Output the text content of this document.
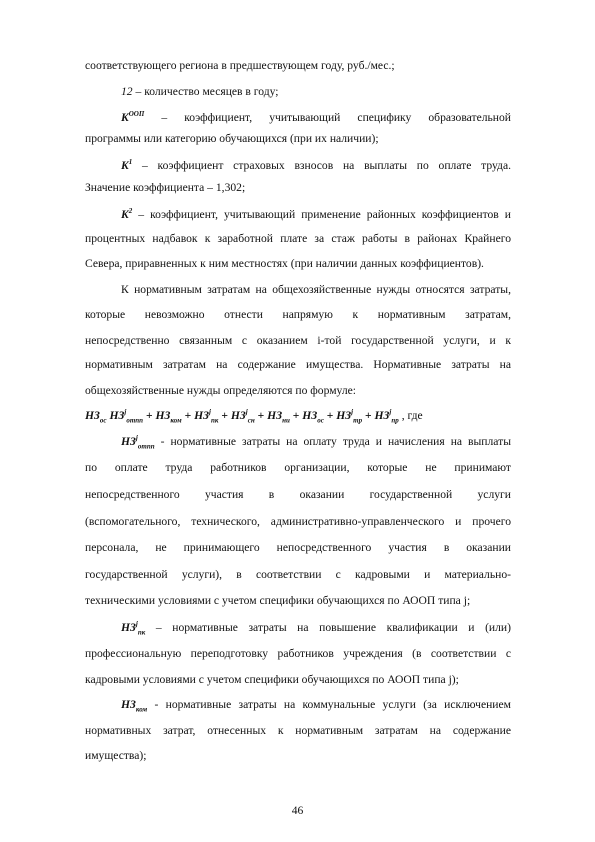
соответствующего региона в предшествующем году, руб./мес.;
12 – количество месяцев в году;
$K^{ООП}$ – коэффициент, учитывающий специфику образовательной
программы или категорию обучающихся (при их наличии);
$K^1$ – коэффициент страховых взносов на выплаты по оплате труда.
Значение коэффициента – 1,302;
$K^2$ – коэффициент, учитывающий применение районных коэффициентов и
процентных надбавок к заработной плате за стаж работы в районах Крайнего
Севера, приравненных к ним местностях (при наличии данных коэффициентов).
К нормативным затратам на общехозяйственные нужды относятся затраты,
которые невозможно отнести напрямую к нормативным затратам,
непосредственно связанным с оказанием i-той государственной услуги, и к
нормативным затратам на содержание имущества. Нормативные затраты на
общехозяйственные нужды определяются по формуле:
$НЗ_{ос}$ $НЗ^j_{отпп} + НЗ_{ком} + НЗ^j_{пк} + НЗ^j_{сн} + НЗ_{ни} + НЗ_{ос} + НЗ^j_{тр} + НЗ^j_{пр}$ , где
$НЗ^j_{отпп}$ - нормативные затраты на оплату труда и начисления на выплаты
по оплате труда работников организации, которые не принимают
непосредственного участия в оказании государственной услуги
(вспомогательного, технического, административно-управленческого и прочего
персонала, не принимающего непосредственного участия в оказании
государственной услуги), в соответствии с кадровыми и материально-
техническими условиями с учетом специфики обучающихся по АООП типа j;
$НЗ^j_{пк}$ – нормативные затраты на повышение квалификации и (или)
профессиональную переподготовку работников учреждения (в соответствии с
кадровыми условиями с учетом специфики обучающихся по АООП типа j);
$НЗ_{ком}$ - нормативные затраты на коммунальные услуги (за исключением
нормативных затрат, отнесенных к нормативным затратам на содержание
имущества);
46
